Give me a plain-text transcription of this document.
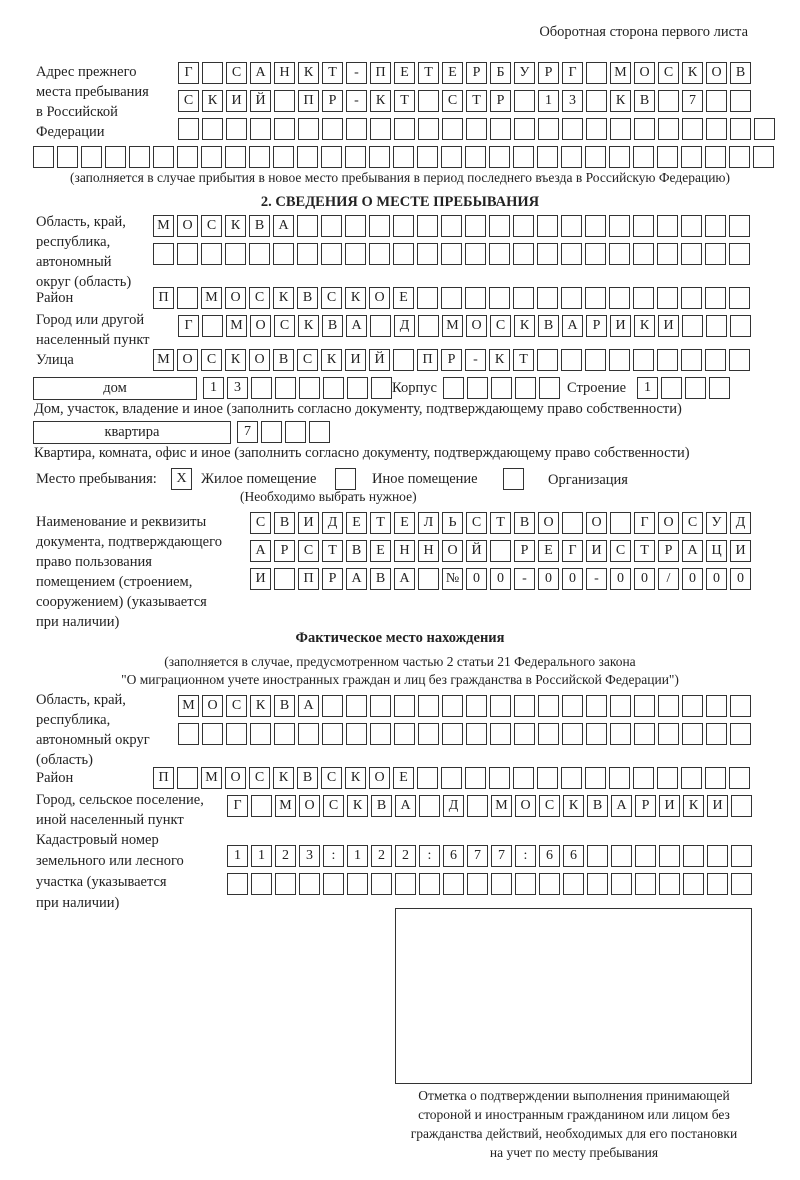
Оборотная сторона первого листа
Адрес прежнего
места пребывания
в Российской
Федерации
Г	С	А Н	К	Т	-	П	Е	Т	Е	Р	Б	У	Р	Г	М О	С	К	О	В
С	К	И Й	П	Р	-	К	Т	С	Т	Р	1	3	К	В	7
(заполняется в случае прибытия в новое место пребывания в период последнего въезда в Российскую Федерацию)
2. СВЕДЕНИЯ О МЕСТЕ ПРЕБЫВАНИЯ
Область, край,
республика,
автономный
округ (область)
М О	С	К	В	А
Район	П	М О	С	К	В	С	К	О	Е
Город или другой
населенный пункт
Г	М О	С	К	В	А	Д	М О	С	К	В	А	Р	И	К	И
Улица	М О	С	К	О	В	С	К	И Й	П	Р	-	К	Т
дом	1	3	Корпус	Строение	1
Дом, участок, владение и иное (заполнить согласно документу, подтверждающему право собственности)
квартира	7
Квартира, комната, офис и иное (заполнить согласно документу, подтверждающему право собственности)
Место пребывания:	X Жилое помещение	Иное помещение	Организация
(Необходимо выбрать нужное)
Наименование и реквизиты
документа, подтверждающего
право пользования
помещением (строением,
сооружением) (указывается
при наличии)
С	В	И	Д	Е	Т	Е	Л	Ь	С	Т	В	О	О	Г	О	С	У	Д
А	Р	С	Т	В	Е	Н Н О Й	Р	Е	Г	И	С	Т	Р	А Ц И
И	П	Р	А	В	А	№ 0	0	-	0	0	-	0	0	/	0	0	0
Фактическое место нахождения
(заполняется в случае, предусмотренном частью 2 статьи 21 Федерального закона
"О миграционном учете иностранных граждан и лиц без гражданства в Российской Федерации")
Область, край,
республика,
автономный округ
(область)
М О	С	К	В	А
Район	П	М О	С	К	В	С	К	О	Е
Город, сельское поселение,
иной населенный пункт
Г	М О	С	К	В	А	Д	М О	С	К	В	А	Р	И	К	И
Кадастровый номер
земельного или лесного
участка (указывается
при наличии)
1	1	2	3	:	1	2	2	:	6	7	7	:	6	6
Отметка о подтверждении выполнения принимающей
стороной и иностранным гражданином или лицом без
гражданства действий, необходимых для его постановки
на учет по месту пребывания
